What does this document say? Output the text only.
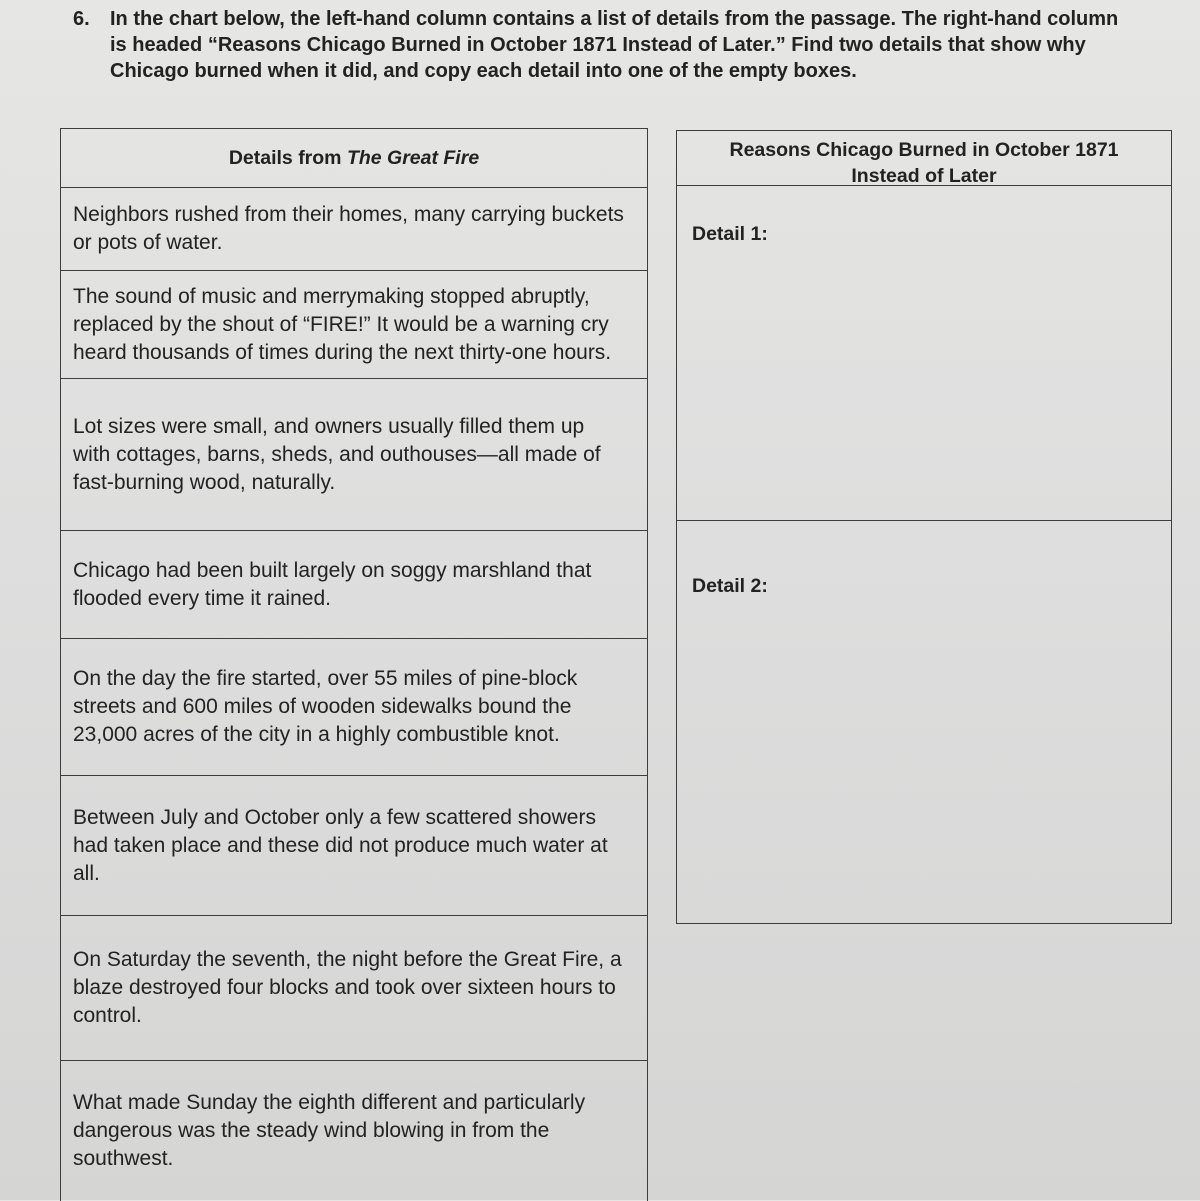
6. In the chart below, the left-hand column contains a list of details from the passage. The right-hand column
is headed “Reasons Chicago Burned in October 1871 Instead of Later.” Find two details that show why
Chicago burned when it did, and copy each detail into one of the empty boxes.
Details from The Great Fire
Neighbors rushed from their homes, many carrying buckets
or pots of water.
The sound of music and merrymaking stopped abruptly,
replaced by the shout of “FIRE!” It would be a warning cry
heard thousands of times during the next thirty-one hours.
Lot sizes were small, and owners usually filled them up
with cottages, barns, sheds, and outhouses—all made of
fast-burning wood, naturally.
Chicago had been built largely on soggy marshland that
flooded every time it rained.
On the day the fire started, over 55 miles of pine-block
streets and 600 miles of wooden sidewalks bound the
23,000 acres of the city in a highly combustible knot.
Between July and October only a few scattered showers
had taken place and these did not produce much water at
all.
On Saturday the seventh, the night before the Great Fire, a
blaze destroyed four blocks and took over sixteen hours to
control.
What made Sunday the eighth different and particularly
dangerous was the steady wind blowing in from the
southwest.
Reasons Chicago Burned in October 1871
Instead of Later
Detail 1:
Detail 2:
